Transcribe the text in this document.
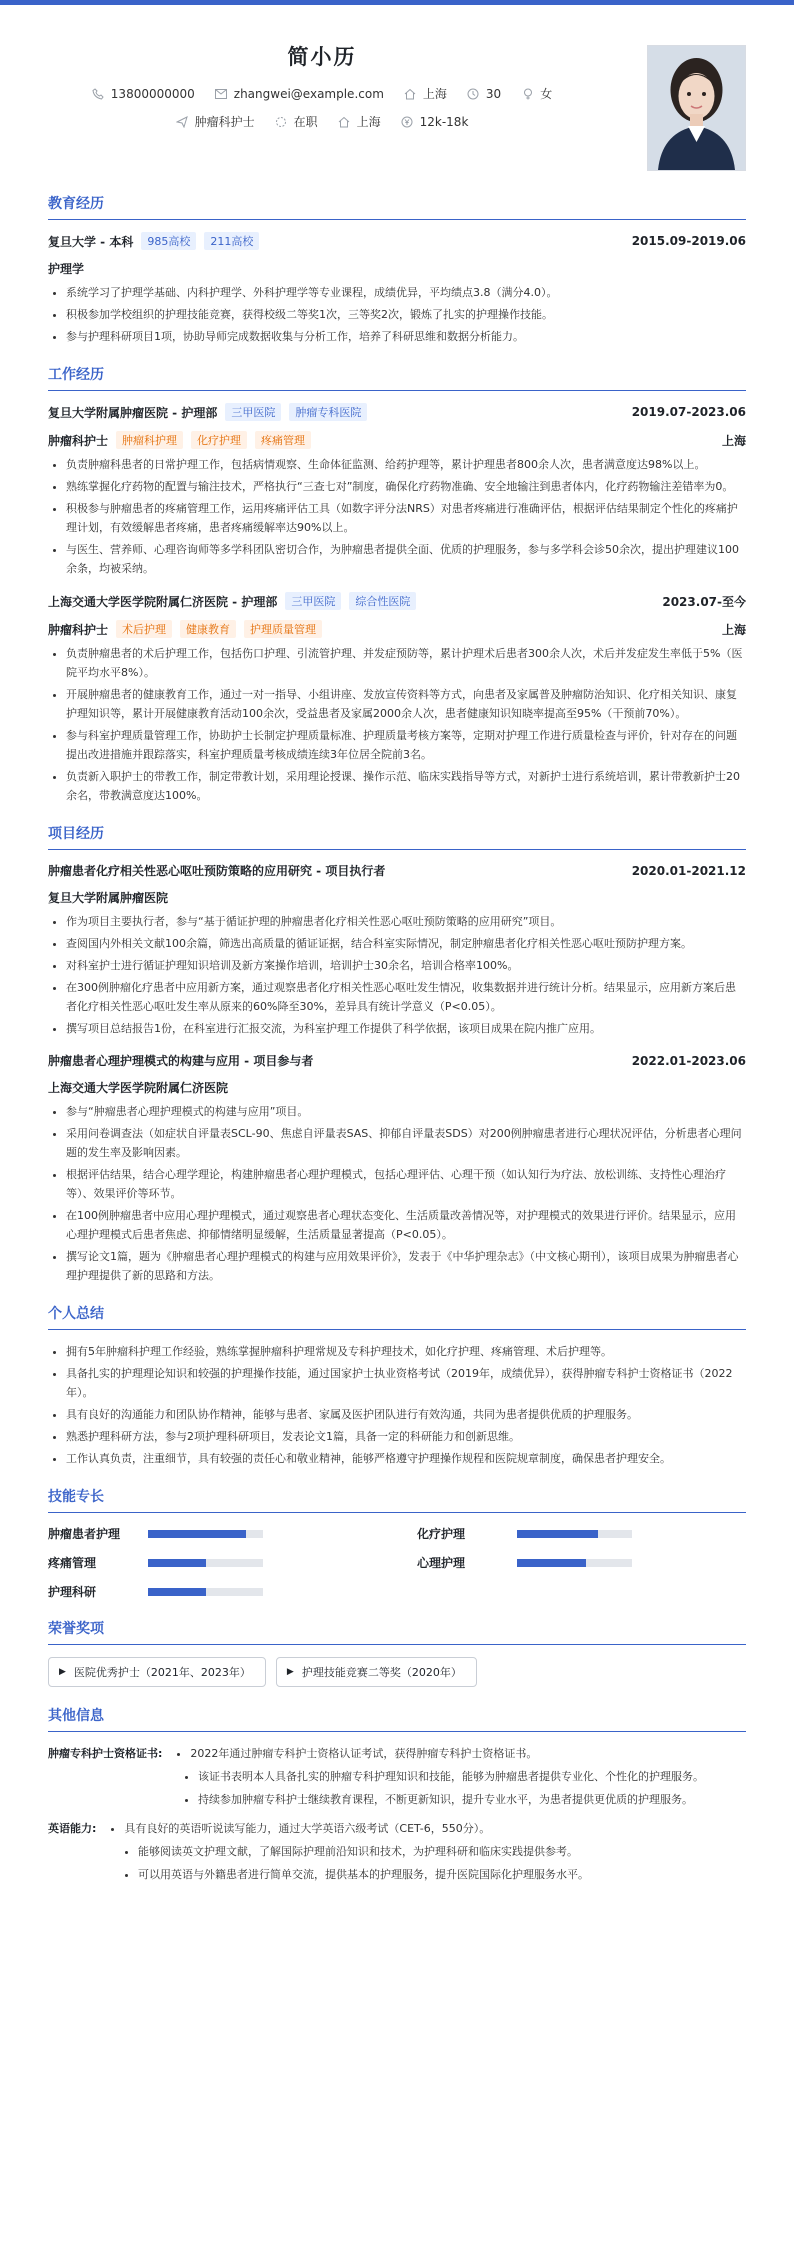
简小历
13800000000	zhangwei@example.com	上海	30	女
肿瘤科护士	在职	上海	12k-18k
教育经历
复旦大学 - 本科	985高校	211高校	2015.09-2019.06
护理学
• 系统学习了护理学基础、内科护理学、外科护理学等专业课程，成绩优异，平均绩点3.8（满分4.0）。
• 积极参加学校组织的护理技能竞赛，获得校级二等奖1次，三等奖2次，锻炼了扎实的护理操作技能。
• 参与护理科研项目1项，协助导师完成数据收集与分析工作，培养了科研思维和数据分析能力。
工作经历
复旦大学附属肿瘤医院 - 护理部	三甲医院	肿瘤专科医院	2019.07-2023.06
肿瘤科护士	肿瘤科护理	化疗护理	疼痛管理	上海
• 负责肿瘤科患者的日常护理工作，包括病情观察、生命体征监测、给药护理等，累计护理患者800余人次，患者满意度达98%以上。
• 熟练掌握化疗药物的配置与输注技术，严格执行“三查七对”制度，确保化疗药物准确、安全地输注到患者体内，化疗药物输注差错率为0。
• 积极参与肿瘤患者的疼痛管理工作，运用疼痛评估工具（如数字评分法NRS）对患者疼痛进行准确评估，根据评估结果制定个性化的疼痛护理计划，有效缓解患者疼痛，患者疼痛缓解率达90%以上。
• 与医生、营养师、心理咨询师等多学科团队密切合作，为肿瘤患者提供全面、优质的护理服务，参与多学科会诊50余次，提出护理建议100余条，均被采纳。
上海交通大学医学院附属仁济医院 - 护理部	三甲医院	综合性医院	2023.07-至今
肿瘤科护士	术后护理	健康教育	护理质量管理	上海
• 负责肿瘤患者的术后护理工作，包括伤口护理、引流管护理、并发症预防等，累计护理术后患者300余人次，术后并发症发生率低于5%（医院平均水平8%）。
• 开展肿瘤患者的健康教育工作，通过一对一指导、小组讲座、发放宣传资料等方式，向患者及家属普及肿瘤防治知识、化疗相关知识、康复护理知识等，累计开展健康教育活动100余次，受益患者及家属2000余人次，患者健康知识知晓率提高至95%（干预前70%）。
• 参与科室护理质量管理工作，协助护士长制定护理质量标准、护理质量考核方案等，定期对护理工作进行质量检查与评价，针对存在的问题提出改进措施并跟踪落实，科室护理质量考核成绩连续3年位居全院前3名。
• 负责新入职护士的带教工作，制定带教计划，采用理论授课、操作示范、临床实践指导等方式，对新护士进行系统培训，累计带教新护士20余名，带教满意度达100%。
项目经历
肿瘤患者化疗相关性恶心呕吐预防策略的应用研究 - 项目执行者	2020.01-2021.12
复旦大学附属肿瘤医院
• 作为项目主要执行者，参与“基于循证护理的肿瘤患者化疗相关性恶心呕吐预防策略的应用研究”项目。
• 查阅国内外相关文献100余篇，筛选出高质量的循证证据，结合科室实际情况，制定肿瘤患者化疗相关性恶心呕吐预防护理方案。
• 对科室护士进行循证护理知识培训及新方案操作培训，培训护士30余名，培训合格率100%。
• 在300例肿瘤化疗患者中应用新方案，通过观察患者化疗相关性恶心呕吐发生情况，收集数据并进行统计分析。结果显示，应用新方案后患者化疗相关性恶心呕吐发生率从原来的60%降至30%，差异具有统计学意义（P<0.05）。
• 撰写项目总结报告1份，在科室进行汇报交流，为科室护理工作提供了科学依据，该项目成果在院内推广应用。
肿瘤患者心理护理模式的构建与应用 - 项目参与者	2022.01-2023.06
上海交通大学医学院附属仁济医院
• 参与“肿瘤患者心理护理模式的构建与应用”项目。
• 采用问卷调查法（如症状自评量表SCL-90、焦虑自评量表SAS、抑郁自评量表SDS）对200例肿瘤患者进行心理状况评估，分析患者心理问题的发生率及影响因素。
• 根据评估结果，结合心理学理论，构建肿瘤患者心理护理模式，包括心理评估、心理干预（如认知行为疗法、放松训练、支持性心理治疗等）、效果评价等环节。
• 在100例肿瘤患者中应用心理护理模式，通过观察患者心理状态变化、生活质量改善情况等，对护理模式的效果进行评价。结果显示，应用心理护理模式后患者焦虑、抑郁情绪明显缓解，生活质量显著提高（P<0.05）。
• 撰写论文1篇，题为《肿瘤患者心理护理模式的构建与应用效果评价》，发表于《中华护理杂志》（中文核心期刊），该项目成果为肿瘤患者心理护理提供了新的思路和方法。
个人总结
• 拥有5年肿瘤科护理工作经验，熟练掌握肿瘤科护理常规及专科护理技术，如化疗护理、疼痛管理、术后护理等。
• 具备扎实的护理理论知识和较强的护理操作技能，通过国家护士执业资格考试（2019年，成绩优异），获得肿瘤专科护士资格证书（2022年）。
• 具有良好的沟通能力和团队协作精神，能够与患者、家属及医护团队进行有效沟通，共同为患者提供优质的护理服务。
• 熟悉护理科研方法，参与2项护理科研项目，发表论文1篇，具备一定的科研能力和创新思维。
• 工作认真负责，注重细节，具有较强的责任心和敬业精神，能够严格遵守护理操作规程和医院规章制度，确保患者护理安全。
技能专长
肿瘤患者护理	化疗护理
疼痛管理	心理护理
护理科研
荣誉奖项
▶ 医院优秀护士（2021年、2023年）	▶ 护理技能竞赛二等奖（2020年）
其他信息
肿瘤专科护士资格证书:	• 2022年通过肿瘤专科护士资格认证考试，获得肿瘤专科护士资格证书。
• 该证书表明本人具备扎实的肿瘤专科护理知识和技能，能够为肿瘤患者提供专业化、个性化的护理服务。
• 持续参加肿瘤专科护士继续教育课程，不断更新知识，提升专业水平，为患者提供更优质的护理服务。
英语能力:	• 具有良好的英语听说读写能力，通过大学英语六级考试（CET-6，550分）。
• 能够阅读英文护理文献，了解国际护理前沿知识和技术，为护理科研和临床实践提供参考。
• 可以用英语与外籍患者进行简单交流，提供基本的护理服务，提升医院国际化护理服务水平。
